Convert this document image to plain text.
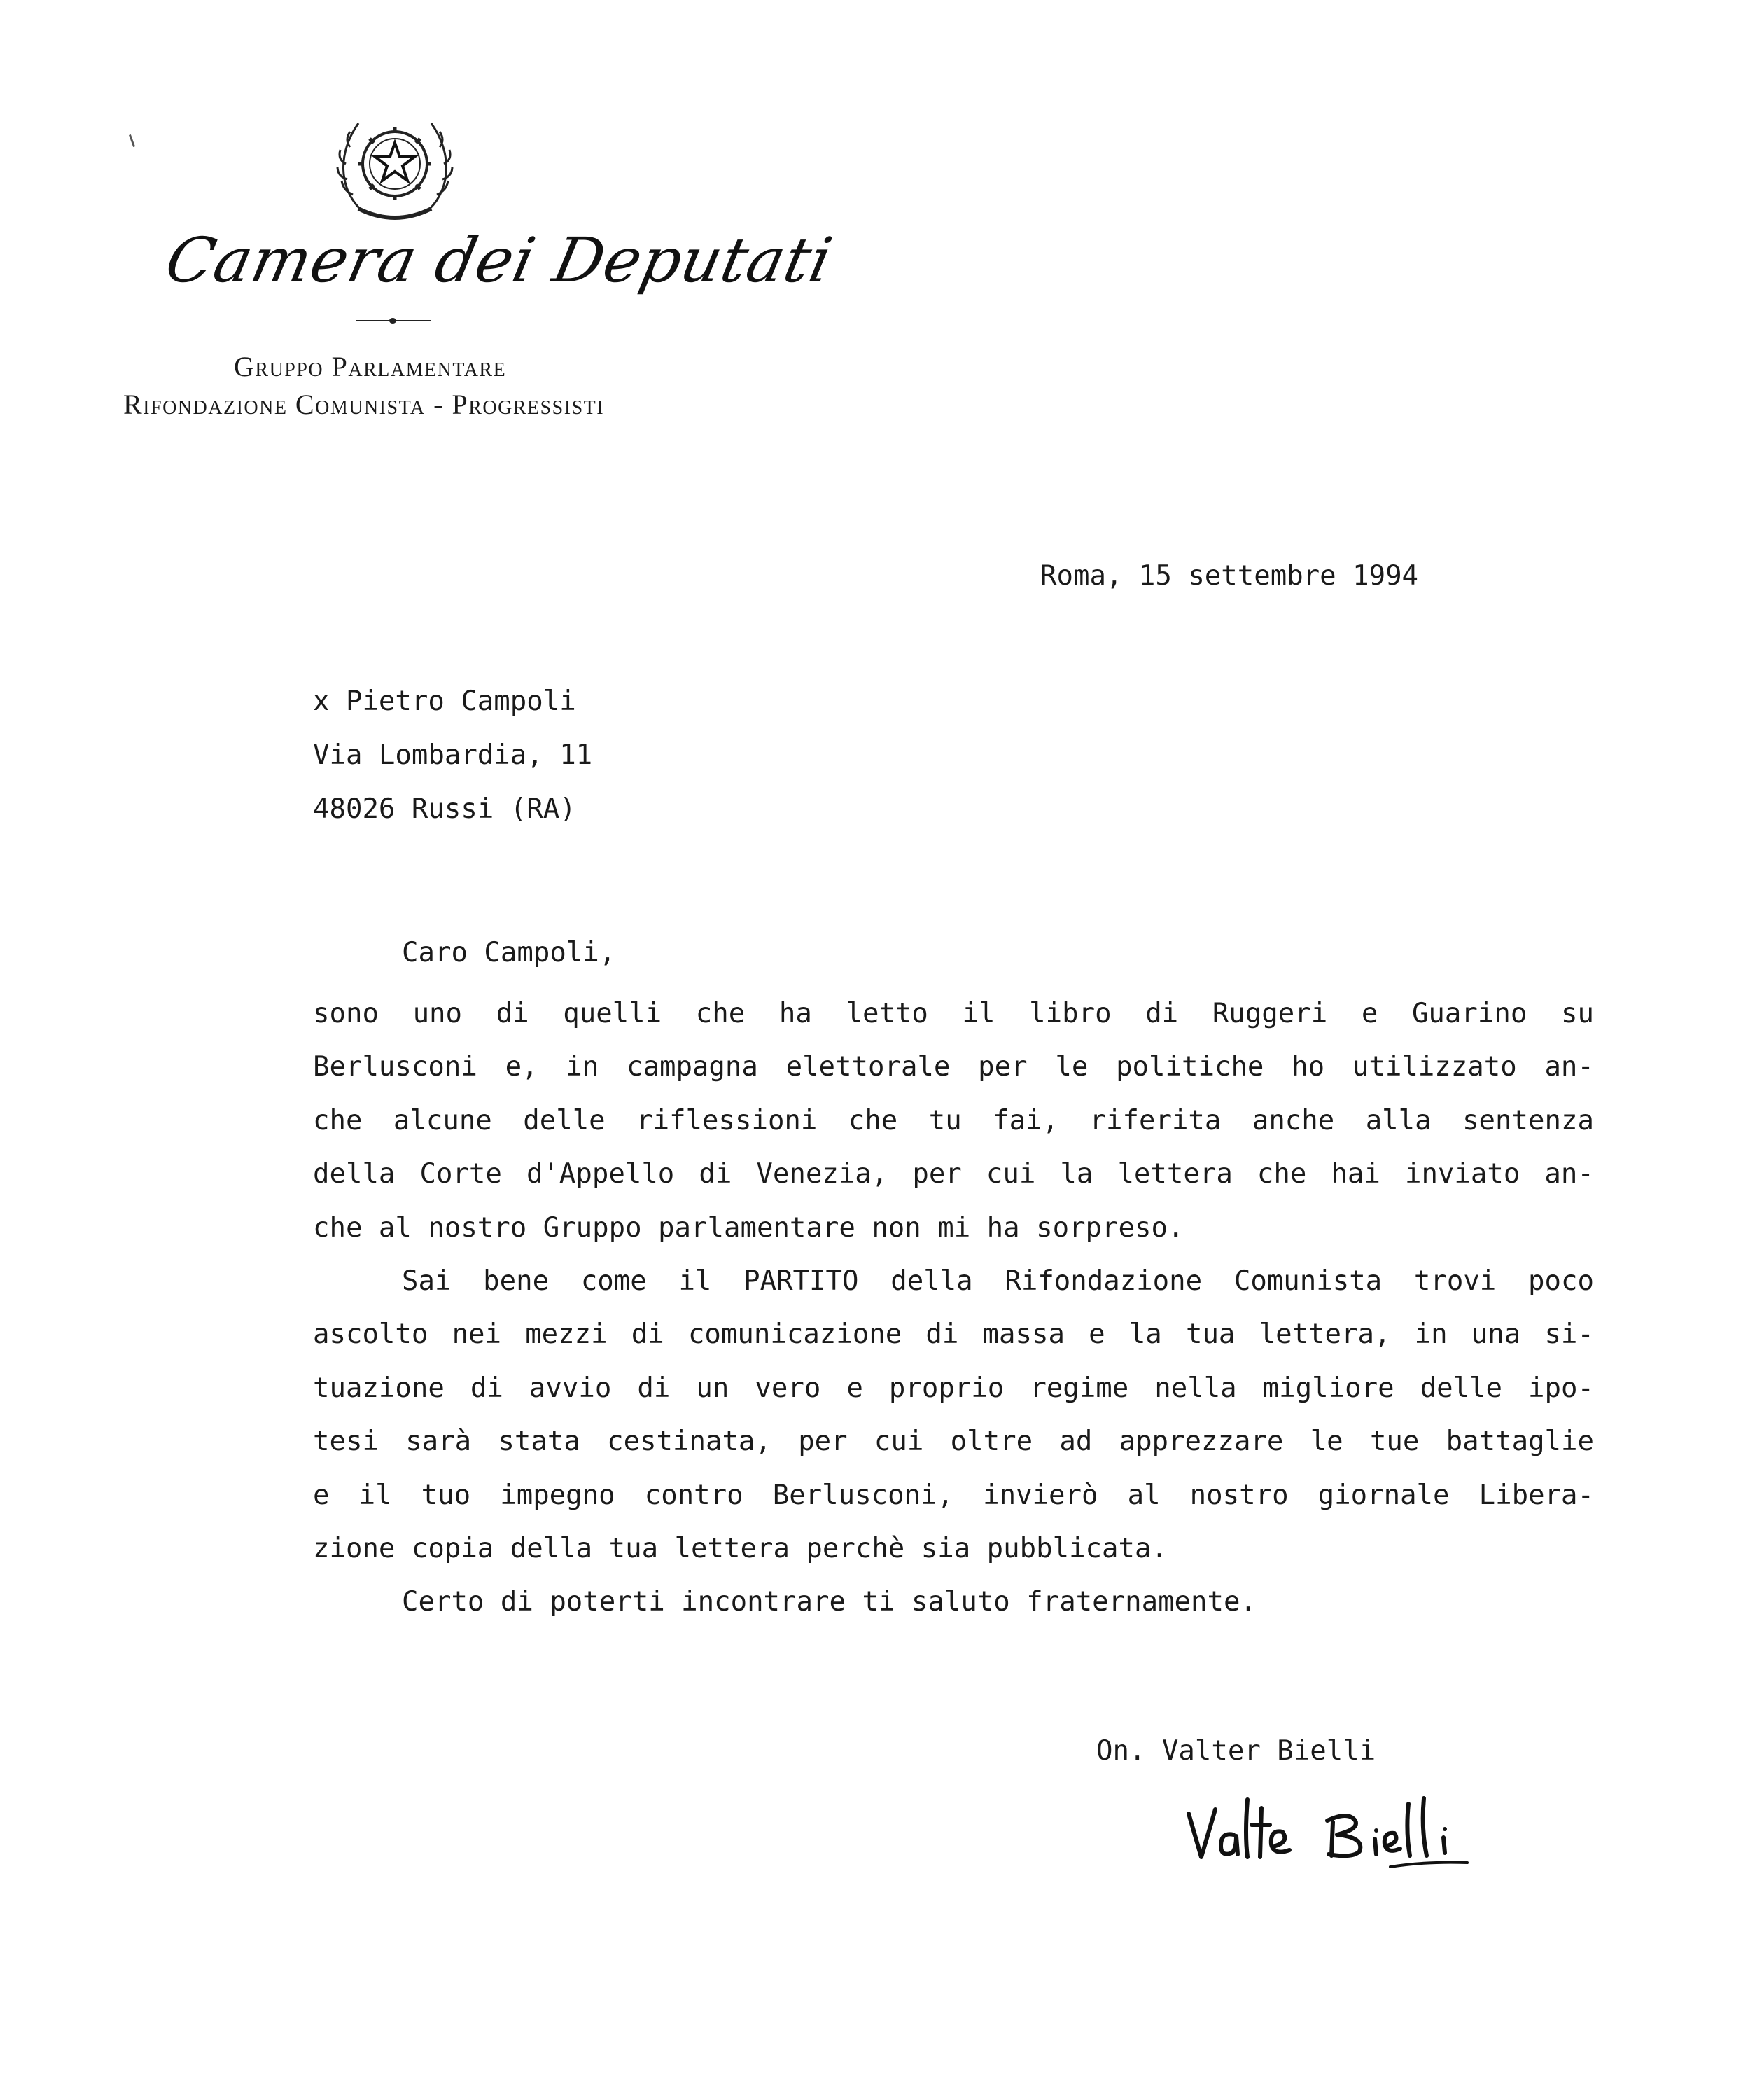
Camera dei Deputati
Gruppo Parlamentare
Rifondazione Comunista - Progressisti
Roma, 15 settembre 1994
x Pietro Campoli
Via Lombardia, 11
48026 Russi (RA)
Caro Campoli,
sono uno di quelli che ha letto il libro di Ruggeri e Guarino su
Berlusconi e, in campagna elettorale per le politiche ho utilizzato an-
che alcune delle riflessioni che tu fai, riferita anche alla sentenza
della Corte d'Appello di Venezia, per cui la lettera che hai inviato an-
che al nostro Gruppo parlamentare non mi ha sorpreso.
Sai bene come il PARTITO della Rifondazione Comunista trovi poco
ascolto nei mezzi di comunicazione di massa e la tua lettera, in una si-
tuazione di avvio di un vero e proprio regime nella migliore delle ipo-
tesi sarà stata cestinata, per cui oltre ad apprezzare le tue battaglie
e il tuo impegno contro Berlusconi, invierò al nostro giornale Libera-
zione copia della tua lettera perchè sia pubblicata.
Certo di poterti incontrare ti saluto fraternamente.
On. Valter Bielli
